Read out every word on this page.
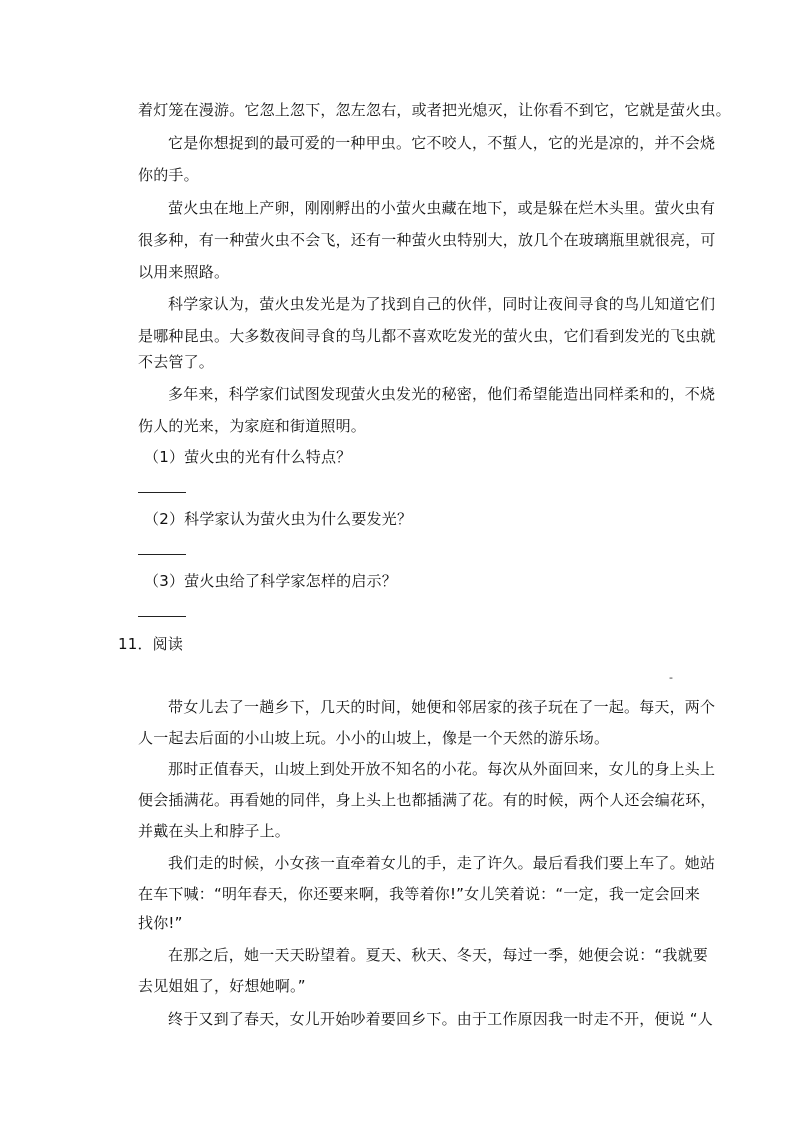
着灯笼在漫游。它忽上忽下，忽左忽右，或者把光熄灭，让你看不到它，它就是萤火虫。
它是你想捉到的最可爱的一种甲虫。它不咬人，不蜇人，它的光是凉的，并不会烧
你的手。
萤火虫在地上产卵，刚刚孵出的小萤火虫藏在地下，或是躲在烂木头里。萤火虫有
很多种，有一种萤火虫不会飞，还有一种萤火虫特别大，放几个在玻璃瓶里就很亮，可
以用来照路。
科学家认为，萤火虫发光是为了找到自己的伙伴，同时让夜间寻食的鸟儿知道它们
是哪种昆虫。大多数夜间寻食的鸟儿都不喜欢吃发光的萤火虫，它们看到发光的飞虫就
不去管了。
多年来，科学家们试图发现萤火虫发光的秘密，他们希望能造出同样柔和的，不烧
伤人的光来，为家庭和街道照明。
（1）萤火虫的光有什么特点？
（2）科学家认为萤火虫为什么要发光？
（3）萤火虫给了科学家怎样的启示？
11．阅读
-
带女儿去了一趟乡下，几天的时间，她便和邻居家的孩子玩在了一起。每天，两个
人一起去后面的小山坡上玩。小小的山坡上，像是一个天然的游乐场。
那时正值春天，山坡上到处开放不知名的小花。每次从外面回来，女儿的身上头上
便会插满花。再看她的同伴，身上头上也都插满了花。有的时候，两个人还会编花环，
并戴在头上和脖子上。
我们走的时候，小女孩一直牵着女儿的手，走了许久。最后看我们要上车了。她站
在车下喊：“明年春天，你还要来啊，我等着你!”女儿笑着说：“一定，我一定会回来
找你!”
在那之后，她一天天盼望着。夏天、秋天、冬天，每过一季，她便会说：“我就要
去见姐姐了，好想她啊。”
终于又到了春天，女儿开始吵着要回乡下。由于工作原因我一时走不开，便说 “人
